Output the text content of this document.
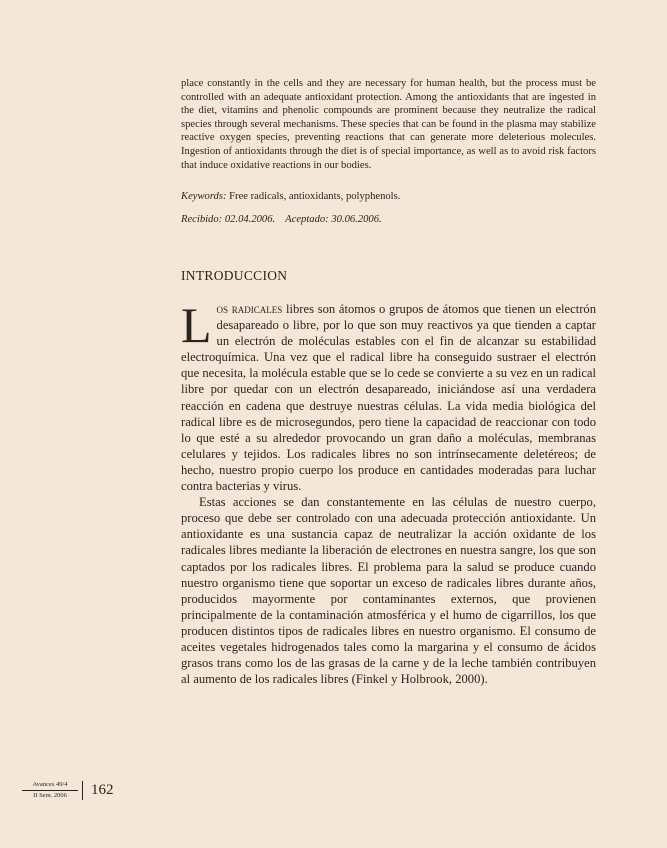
place constantly in the cells and they are necessary for human health, but the process must be controlled with an adequate antioxidant protection. Among the antioxidants that are ingested in the diet, vitamins and phenolic compounds are prominent because they neutralize the radical species through several mechanisms. These species that can be found in the plasma may stabilize reactive oxygen species, preventing reactions that can generate more deleterious molecules. Ingestion of antioxidants through the diet is of special importance, as well as to avoid risk factors that induce oxidative reactions in our bodies.

Keywords: Free radicals, antioxidants, polyphenols.

Recibido: 02.04.2006. Aceptado: 30.06.2006.

INTRODUCCION

Los radicales libres son átomos o grupos de átomos que tienen un electrón desapareado o libre, por lo que son muy reactivos ya que tienden a captar un electrón de moléculas estables con el fin de alcanzar su estabilidad electroquímica. Una vez que el radical libre ha conseguido sustraer el electrón que necesita, la molécula estable que se lo cede se convierte a su vez en un radical libre por quedar con un electrón desapareado, iniciándose así una verdadera reacción en cadena que destruye nuestras células. La vida media biológica del radical libre es de microsegundos, pero tiene la capacidad de reaccionar con todo lo que esté a su alrededor provocando un gran daño a moléculas, membranas celulares y tejidos. Los radicales libres no son intrínsecamente deletéreos; de hecho, nuestro propio cuerpo los produce en cantidades moderadas para luchar contra bacterias y virus.

Estas acciones se dan constantemente en las células de nuestro cuerpo, proceso que debe ser controlado con una adecuada protección antioxidante. Un antioxidante es una sustancia capaz de neutralizar la acción oxidante de los radicales libres mediante la liberación de electrones en nuestra sangre, los que son captados por los radicales libres. El problema para la salud se produce cuando nuestro organismo tiene que soportar un exceso de radicales libres durante años, producidos mayormente por contaminantes externos, que provienen principalmente de la contaminación atmosférica y el humo de cigarrillos, los que producen distintos tipos de radicales libres en nuestro organismo. El consumo de aceites vegetales hidrogenados tales como la margarina y el consumo de ácidos grasos trans como los de las grasas de la carne y de la leche también contribuyen al aumento de los radicales libres (Finkel y Holbrook, 2000).

Avances 49/4
II Sem. 2006	162
